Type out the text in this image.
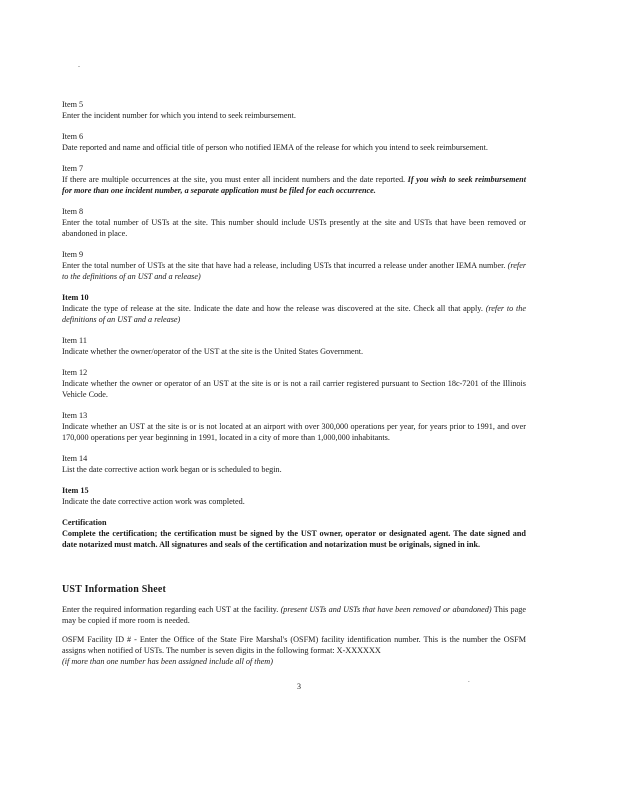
.
Item 5
Enter the incident number for which you intend to seek reimbursement.
Item 6
Date reported and name and official title of person who notified IEMA of the release for which you intend to seek reimbursement.
Item 7
If there are multiple occurrences at the site, you must enter all incident numbers and the date reported. If you wish to seek reimbursement for more than one incident number, a separate application must be filed for each occurrence.
Item 8
Enter the total number of USTs at the site. This number should include USTs presently at the site and USTs that have been removed or abandoned in place.
Item 9
Enter the total number of USTs at the site that have had a release, including USTs that incurred a release under another IEMA number. (refer to the definitions of an UST and a release)
Item 10
Indicate the type of release at the site. Indicate the date and how the release was discovered at the site. Check all that apply. (refer to the definitions of an UST and a release)
Item 11
Indicate whether the owner/operator of the UST at the site is the United States Government.
Item 12
Indicate whether the owner or operator of an UST at the site is or is not a rail carrier registered pursuant to Section 18c-7201 of the Illinois Vehicle Code.
Item 13
Indicate whether an UST at the site is or is not located at an airport with over 300,000 operations per year, for years prior to 1991, and over 170,000 operations per year beginning in 1991, located in a city of more than 1,000,000 inhabitants.
Item 14
List the date corrective action work began or is scheduled to begin.
Item 15
Indicate the date corrective action work was completed.
Certification
Complete the certification; the certification must be signed by the UST owner, operator or designated agent. The date signed and date notarized must match. All signatures and seals of the certification and notarization must be originals, signed in ink.
UST Information Sheet

Enter the required information regarding each UST at the facility. (present USTs and USTs that have been removed or abandoned) This page may be copied if more room is needed.

OSFM Facility ID # - Enter the Office of the State Fire Marshal's (OSFM) facility identification number. This is the number the OSFM assigns when notified of USTs. The number is seven digits in the following format: X-XXXXXX
(if more than one number has been assigned include all of them)

.
3
